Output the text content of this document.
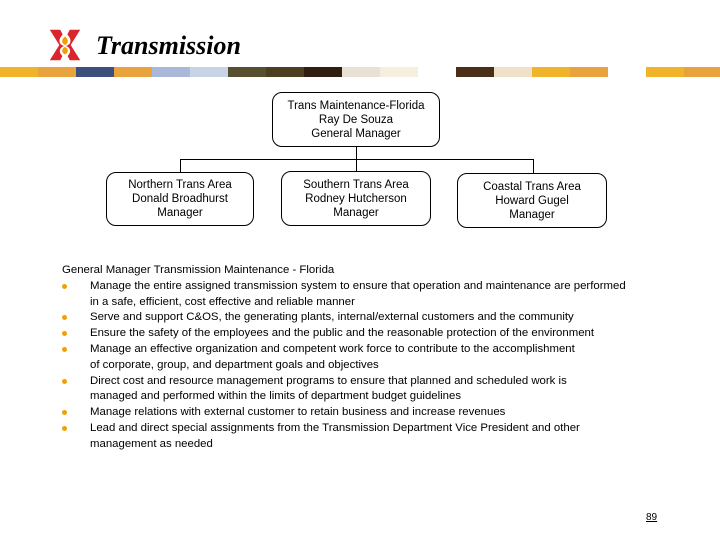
Transmission
Trans Maintenance-Florida
Ray De Souza
General Manager
Northern Trans Area
Donald Broadhurst
Manager
Southern Trans Area
Rodney Hutcherson
Manager
Coastal Trans Area
Howard Gugel
Manager
General Manager Transmission Maintenance - Florida
Manage the entire assigned transmission system to ensure that operation and maintenance are performed
in a safe, efficient, cost effective and reliable manner
Serve and support C&OS, the generating plants, internal/external customers and the community
Ensure the safety of the employees and the public and the reasonable protection of the environment
Manage an effective organization and competent work force to contribute to the accomplishment
of corporate, group, and department goals and objectives
Direct cost and resource management programs to ensure that planned and scheduled work is
managed and performed within the limits of department budget guidelines
Manage relations with external customer to retain business and increase revenues
Lead and direct special assignments from the Transmission Department Vice President and other
management as needed
89
